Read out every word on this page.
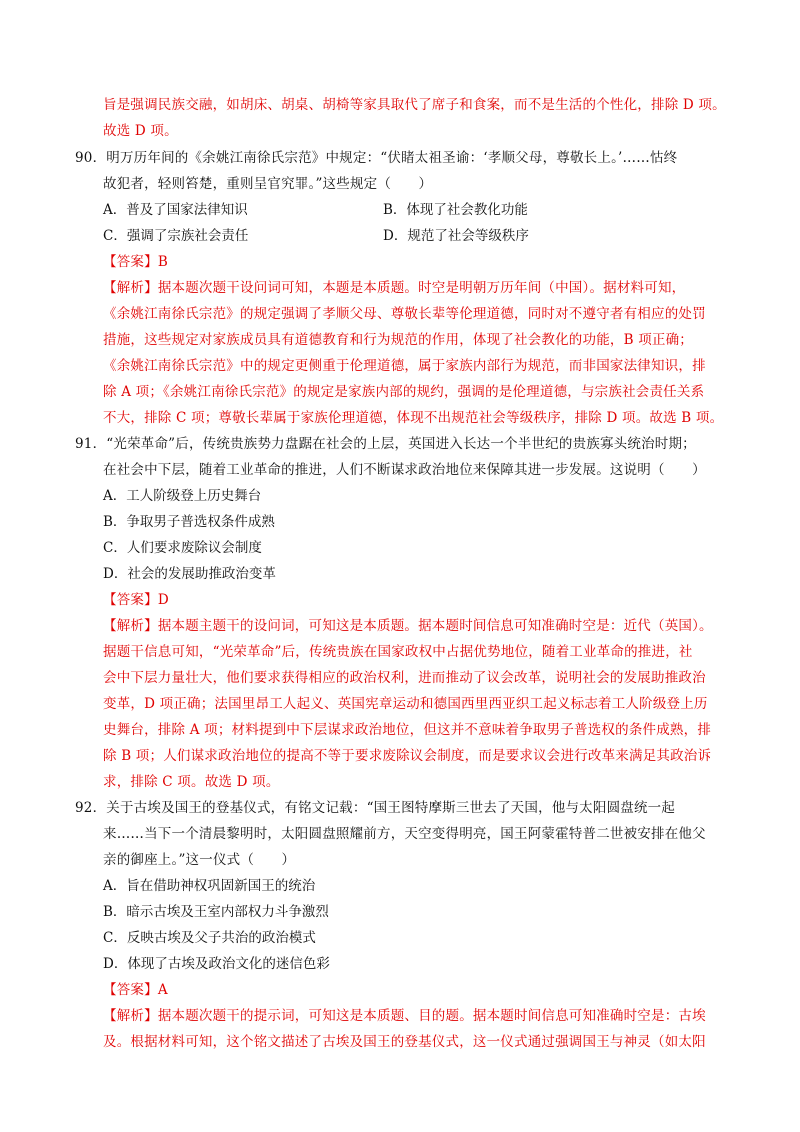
旨是强调民族交融，如胡床、胡桌、胡椅等家具取代了席子和食案，而不是生活的个性化，排除 D 项。
故选 D 项。
90．明万历年间的《余姚江南徐氏宗范》中规定：“伏睹太祖圣谕：‘孝顺父母，尊敬长上。’……怙终
故犯者，轻则笞楚，重则呈官究罪。”这些规定（　　）
A．普及了国家法律知识	B．体现了社会教化功能
C．强调了宗族社会责任	D．规范了社会等级秩序
【答案】B
【解析】据本题次题干设问词可知，本题是本质题。时空是明朝万历年间（中国）。据材料可知，
《余姚江南徐氏宗范》的规定强调了孝顺父母、尊敬长辈等伦理道德，同时对不遵守者有相应的处罚
措施，这些规定对家族成员具有道德教育和行为规范的作用，体现了社会教化的功能，B 项正确；
《余姚江南徐氏宗范》中的规定更侧重于伦理道德，属于家族内部行为规范，而非国家法律知识，排
除 A 项；《余姚江南徐氏宗范》的规定是家族内部的规约，强调的是伦理道德，与宗族社会责任关系
不大，排除 C 项；尊敬长辈属于家族伦理道德，体现不出规范社会等级秩序，排除 D 项。故选 B 项。
91．“光荣革命”后，传统贵族势力盘踞在社会的上层，英国进入长达一个半世纪的贵族寡头统治时期；
在社会中下层，随着工业革命的推进，人们不断谋求政治地位来保障其进一步发展。这说明（　　）
A．工人阶级登上历史舞台
B．争取男子普选权条件成熟
C．人们要求废除议会制度
D．社会的发展助推政治变革
【答案】D
【解析】据本题主题干的设问词，可知这是本质题。据本题时间信息可知准确时空是：近代（英国）。
据题干信息可知，“光荣革命”后，传统贵族在国家政权中占据优势地位，随着工业革命的推进，社
会中下层力量壮大，他们要求获得相应的政治权利，进而推动了议会改革，说明社会的发展助推政治
变革，D 项正确；法国里昂工人起义、英国宪章运动和德国西里西亚织工起义标志着工人阶级登上历
史舞台，排除 A 项；材料提到中下层谋求政治地位，但这并不意味着争取男子普选权的条件成熟，排
除 B 项；人们谋求政治地位的提高不等于要求废除议会制度，而是要求议会进行改革来满足其政治诉
求，排除 C 项。故选 D 项。
92．关于古埃及国王的登基仪式，有铭文记载：“国王图特摩斯三世去了天国，他与太阳圆盘统一起
来……当下一个清晨黎明时，太阳圆盘照耀前方，天空变得明亮，国王阿蒙霍特普二世被安排在他父
亲的御座上。”这一仪式（　　）
A．旨在借助神权巩固新国王的统治
B．暗示古埃及王室内部权力斗争激烈
C．反映古埃及父子共治的政治模式
D．体现了古埃及政治文化的迷信色彩
【答案】A
【解析】据本题次题干的提示词，可知这是本质题、目的题。据本题时间信息可知准确时空是：古埃
及。根据材料可知，这个铭文描述了古埃及国王的登基仪式，这一仪式通过强调国王与神灵（如太阳
